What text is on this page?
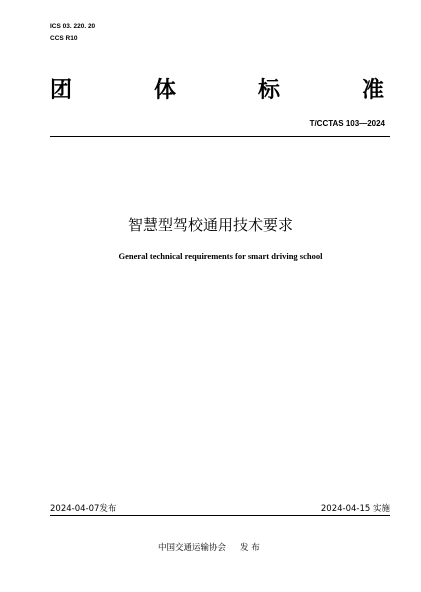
ICS 03. 220. 20
CCS R10
团	体	标	准
T/CCTAS 103—2024
智慧型驾校通用技术要求
General technical requirements for smart driving school
2024-04-07发布	2024-04-15 实施
中国交通运输协会 发 布
